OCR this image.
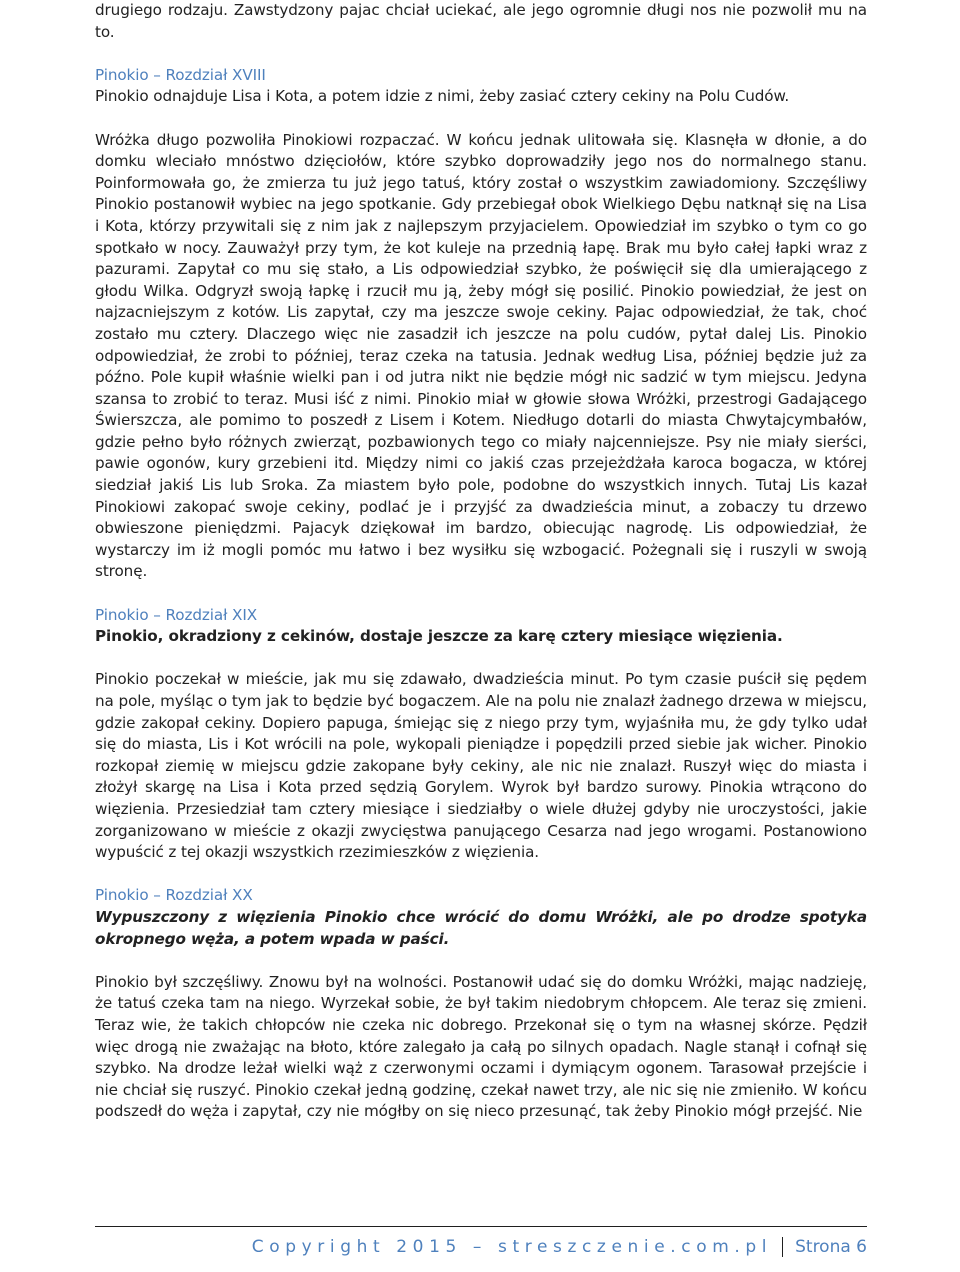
drugiego rodzaju. Zawstydzony pajac chciał uciekać, ale jego ogromnie długi nos nie pozwolił mu na to.

Pinokio – Rozdział XVIII

Pinokio odnajduje Lisa i Kota, a potem idzie z nimi, żeby zasiać cztery cekiny na Polu Cudów.

Wróżka długo pozwoliła Pinokiowi rozpaczać. W końcu jednak ulitowała się. Klasnęła w dłonie, a do domku wleciało mnóstwo dzięciołów, które szybko doprowadziły jego nos do normalnego stanu. Poinformowała go, że zmierza tu już jego tatuś, który został o wszystkim zawiadomiony. Szczęśliwy Pinokio postanowił wybiec na jego spotkanie. Gdy przebiegał obok Wielkiego Dębu natknął się na Lisa i Kota, którzy przywitali się z nim jak z najlepszym przyjacielem. Opowiedział im szybko o tym co go spotkało w nocy. Zauważył przy tym, że kot kuleje na przednią łapę. Brak mu było całej łapki wraz z pazurami. Zapytał co mu się stało, a Lis odpowiedział szybko, że poświęcił się dla umierającego z głodu Wilka. Odgryzł swoją łapkę i rzucił mu ją, żeby mógł się posilić. Pinokio powiedział, że jest on najzacniejszym z kotów. Lis zapytał, czy ma jeszcze swoje cekiny. Pajac odpowiedział, że tak, choć zostało mu cztery. Dlaczego więc nie zasadził ich jeszcze na polu cudów, pytał dalej Lis. Pinokio odpowiedział, że zrobi to później, teraz czeka na tatusia. Jednak według Lisa, później będzie już za późno. Pole kupił właśnie wielki pan i od jutra nikt nie będzie mógł nic sadzić w tym miejscu. Jedyna szansa to zrobić to teraz. Musi iść z nimi. Pinokio miał w głowie słowa Wróżki, przestrogi Gadającego Świerszcza, ale pomimo to poszedł z Lisem i Kotem. Niedługo dotarli do miasta Chwytajcymbałów, gdzie pełno było różnych zwierząt, pozbawionych tego co miały najcenniejsze. Psy nie miały sierści, pawie ogonów, kury grzebieni itd. Między nimi co jakiś czas przejeżdżała karoca bogacza, w której siedział jakiś Lis lub Sroka. Za miastem było pole, podobne do wszystkich innych. Tutaj Lis kazał Pinokiowi zakopać swoje cekiny, podlać je i przyjść za dwadzieścia minut, a zobaczy tu drzewo obwieszone pieniędzmi. Pajacyk dziękował im bardzo, obiecując nagrodę. Lis odpowiedział, że wystarczy im iż mogli pomóc mu łatwo i bez wysiłku się wzbogacić. Pożegnali się i ruszyli w swoją stronę.

Pinokio – Rozdział XIX

Pinokio, okradziony z cekinów, dostaje jeszcze za karę cztery miesiące więzienia.

Pinokio poczekał w mieście, jak mu się zdawało, dwadzieścia minut. Po tym czasie puścił się pędem na pole, myśląc o tym jak to będzie być bogaczem. Ale na polu nie znalazł żadnego drzewa w miejscu, gdzie zakopał cekiny. Dopiero papuga, śmiejąc się z niego przy tym, wyjaśniła mu, że gdy tylko udał się do miasta, Lis i Kot wrócili na pole, wykopali pieniądze i popędzili przed siebie jak wicher. Pinokio rozkopał ziemię w miejscu gdzie zakopane były cekiny, ale nic nie znalazł. Ruszył więc do miasta i złożył skargę na Lisa i Kota przed sędzią Gorylem. Wyrok był bardzo surowy. Pinokia wtrącono do więzienia. Przesiedział tam cztery miesiące i siedziałby o wiele dłużej gdyby nie uroczystości, jakie zorganizowano w mieście z okazji zwycięstwa panującego Cesarza nad jego wrogami. Postanowiono wypuścić z tej okazji wszystkich rzezimieszków z więzienia.

Pinokio – Rozdział XX

Wypuszczony z więzienia Pinokio chce wrócić do domu Wróżki, ale po drodze spotyka okropnego węża, a potem wpada w paści.

Pinokio był szczęśliwy. Znowu był na wolności. Postanowił udać się do domku Wróżki, mając nadzieję, że tatuś czeka tam na niego. Wyrzekał sobie, że był takim niedobrym chłopcem. Ale teraz się zmieni. Teraz wie, że takich chłopców nie czeka nic dobrego. Przekonał się o tym na własnej skórze. Pędził więc drogą nie zważając na błoto, które zalegało ja całą po silnych opadach. Nagle stanął i cofnął się szybko. Na drodze leżał wielki wąż z czerwonymi oczami i dymiącym ogonem. Tarasował przejście i nie chciał się ruszyć. Pinokio czekał jedną godzinę, czekał nawet trzy, ale nic się nie zmieniło. W końcu podszedł do węża i zapytał, czy nie mógłby on się nieco przesunąć, tak żeby Pinokio mógł przejść. Nie

Copyright 2015 – streszczenie.com.pl Strona 6
